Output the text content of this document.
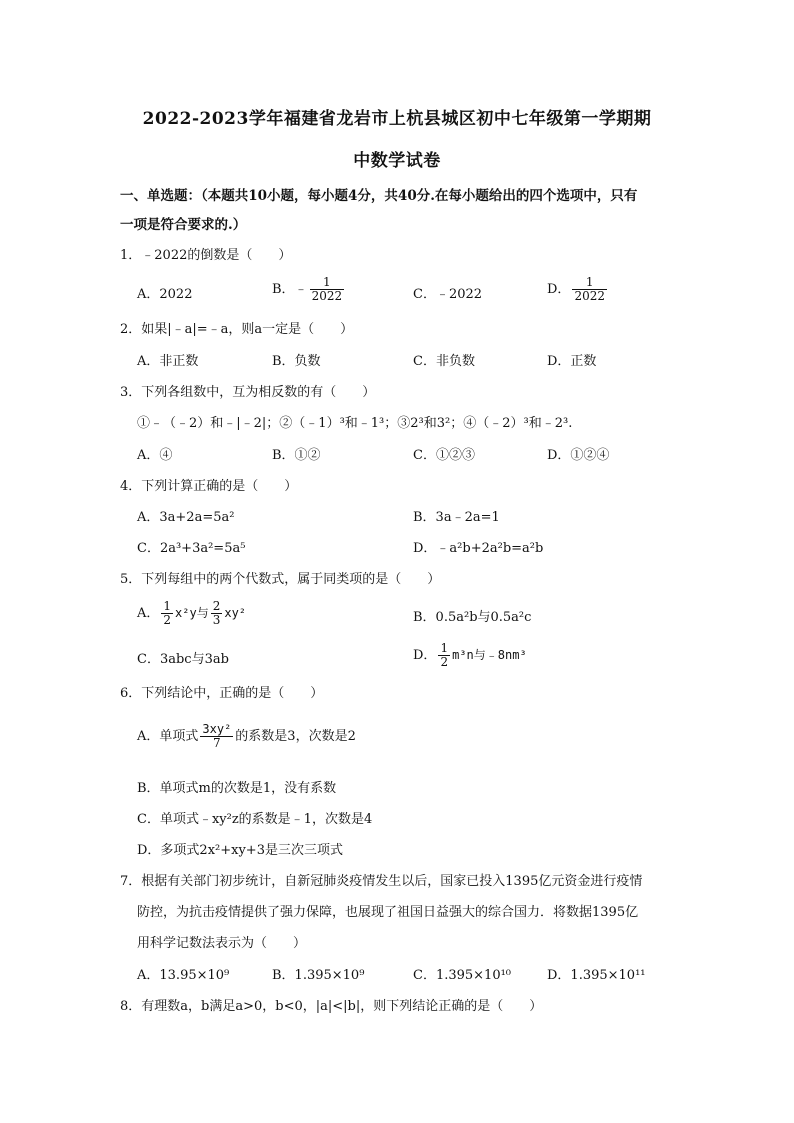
2022-2023学年福建省龙岩市上杭县城区初中七年级第一学期期
中数学试卷
一、单选题：（本题共10小题，每小题4分，共40分.在每小题给出的四个选项中，只有
一项是符合要求的.）
1．﹣2022的倒数是（　　）
A．2022	B．﹣ $\frac{1}{2022}$	C．﹣2022	D． $\frac{1}{2022}$
2．如果|﹣a|=﹣a，则a一定是（　　）
A．非正数	B．负数	C．非负数	D．正数
3．下列各组数中，互为相反数的有（　　）
①﹣（﹣2）和﹣|﹣2|；②（﹣1）³和﹣1³；③2³和3²；④（﹣2）³和﹣2³.
A．④	B．①②	C．①②③	D．①②④
4．下列计算正确的是（　　）
A．3a+2a=5a²	B．3a﹣2a=1
C．2a³+3a²=5a⁵	D．﹣a²b+2a²b=a²b
5．下列每组中的两个代数式，属于同类项的是（　　）
A． $\frac{1}{2} x^2y$与 $\frac{2}{3} xy^2$	B．0.5a²b与0.5a²c
C．3abc与3ab	D． $\frac{1}{2} m^3n$与﹣8nm³
6．下列结论中，正确的是（　　）
A．单项式 $\frac{\text{3xy²}}{7}$ 的系数是3，次数是2
B．单项式m的次数是1，没有系数
C．单项式﹣xy²z的系数是﹣1，次数是4
D．多项式2x²+xy+3是三次三项式
7．根据有关部门初步统计，自新冠肺炎疫情发生以后，国家已投入1395亿元资金进行疫情
防控，为抗击疫情提供了强力保障，也展现了祖国日益强大的综合国力．将数据1395亿
用科学记数法表示为（　　）
A．13.95×10⁹	B．1.395×10⁹	C．1.395×10¹⁰	D．1.395×10¹¹
8．有理数a，b满足a>0，b<0，|a|<|b|，则下列结论正确的是（　　）
